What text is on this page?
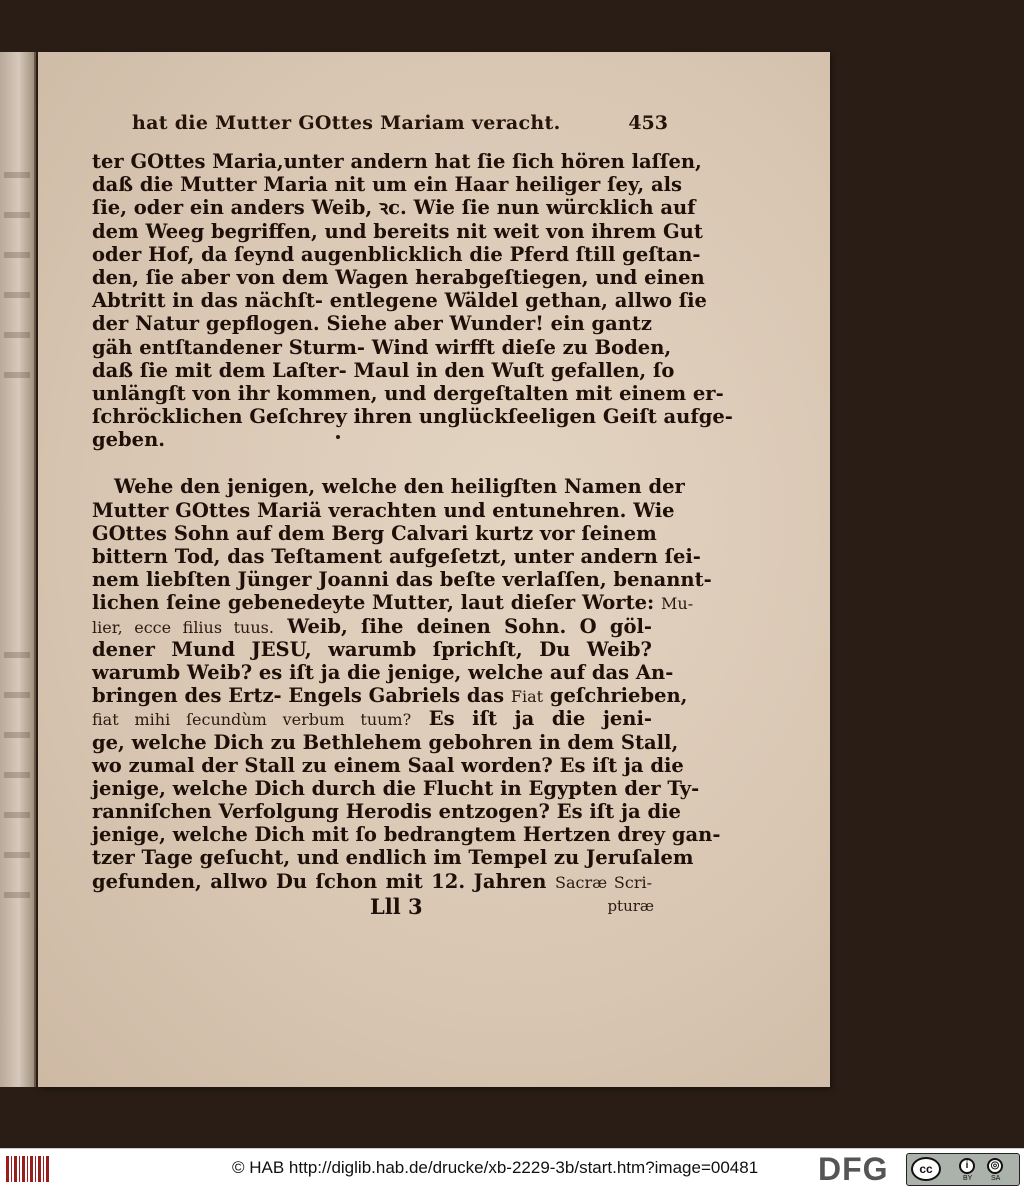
hat die Mutter GOttes Mariam veracht.	453
ter GOttes Maria,unter andern hat ſie ſich hören laſſen,
daß die Mutter Maria nit um ein Haar heiliger ſey, als
ſie, oder ein anders Weib, ꝛc. Wie ſie nun würcklich auf
dem Weeg begriffen, und bereits nit weit von ihrem Gut
oder Hof, da ſeynd augenblicklich die Pferd ſtill geſtan-
den, ſie aber von dem Wagen herabgeſtiegen, und einen
Abtritt in das nächſt- entlegene Wäldel gethan, allwo ſie
der Natur gepflogen. Siehe aber Wunder! ein gantz
gäh entſtandener Sturm- Wind wirfft dieſe zu Boden,
daß ſie mit dem Laſter- Maul in den Wuſt gefallen, ſo
unlängſt von ihr kommen, und dergeſtalten mit einem er-
ſchröcklichen Geſchrey ihren unglückſeeligen Geiſt aufge-
geben.
Wehe den jenigen, welche den heiligſten Namen der
Mutter GOttes Mariä verachten und entunehren. Wie
GOttes Sohn auf dem Berg Calvari kurtz vor ſeinem
bittern Tod, das Teſtament aufgeſetzt, unter andern ſei-
nem liebſten Jünger Joanni das beſte verlaſſen, benannt-
lichen ſeine gebenedeyte Mutter, laut dieſer Worte: Mu-
lier, ecce filius tuus. Weib, ſihe deinen Sohn. O göl-
dener Mund JESU, warumb ſprichſt, Du Weib?
warumb Weib? es iſt ja die jenige, welche auf das An-
bringen des Ertz- Engels Gabriels das Fiat geſchrieben,
fiat mihi ſecundùm verbum tuum? Es iſt ja die jeni-
ge, welche Dich zu Bethlehem gebohren in dem Stall,
wo zumal der Stall zu einem Saal worden? Es iſt ja die
jenige, welche Dich durch die Flucht in Egypten der Ty-
ranniſchen Verfolgung Herodis entzogen? Es iſt ja die
jenige, welche Dich mit ſo bedrangtem Hertzen drey gan-
tzer Tage geſucht, und endlich im Tempel zu Jeruſalem
gefunden, allwo Du ſchon mit 12. Jahren Sacræ Scri-
Lll 3	pturæ
© HAB http://diglib.hab.de/drucke/xb-2229-3b/start.htm?image=00481	DFG	cc	i	◎
BY	SA
